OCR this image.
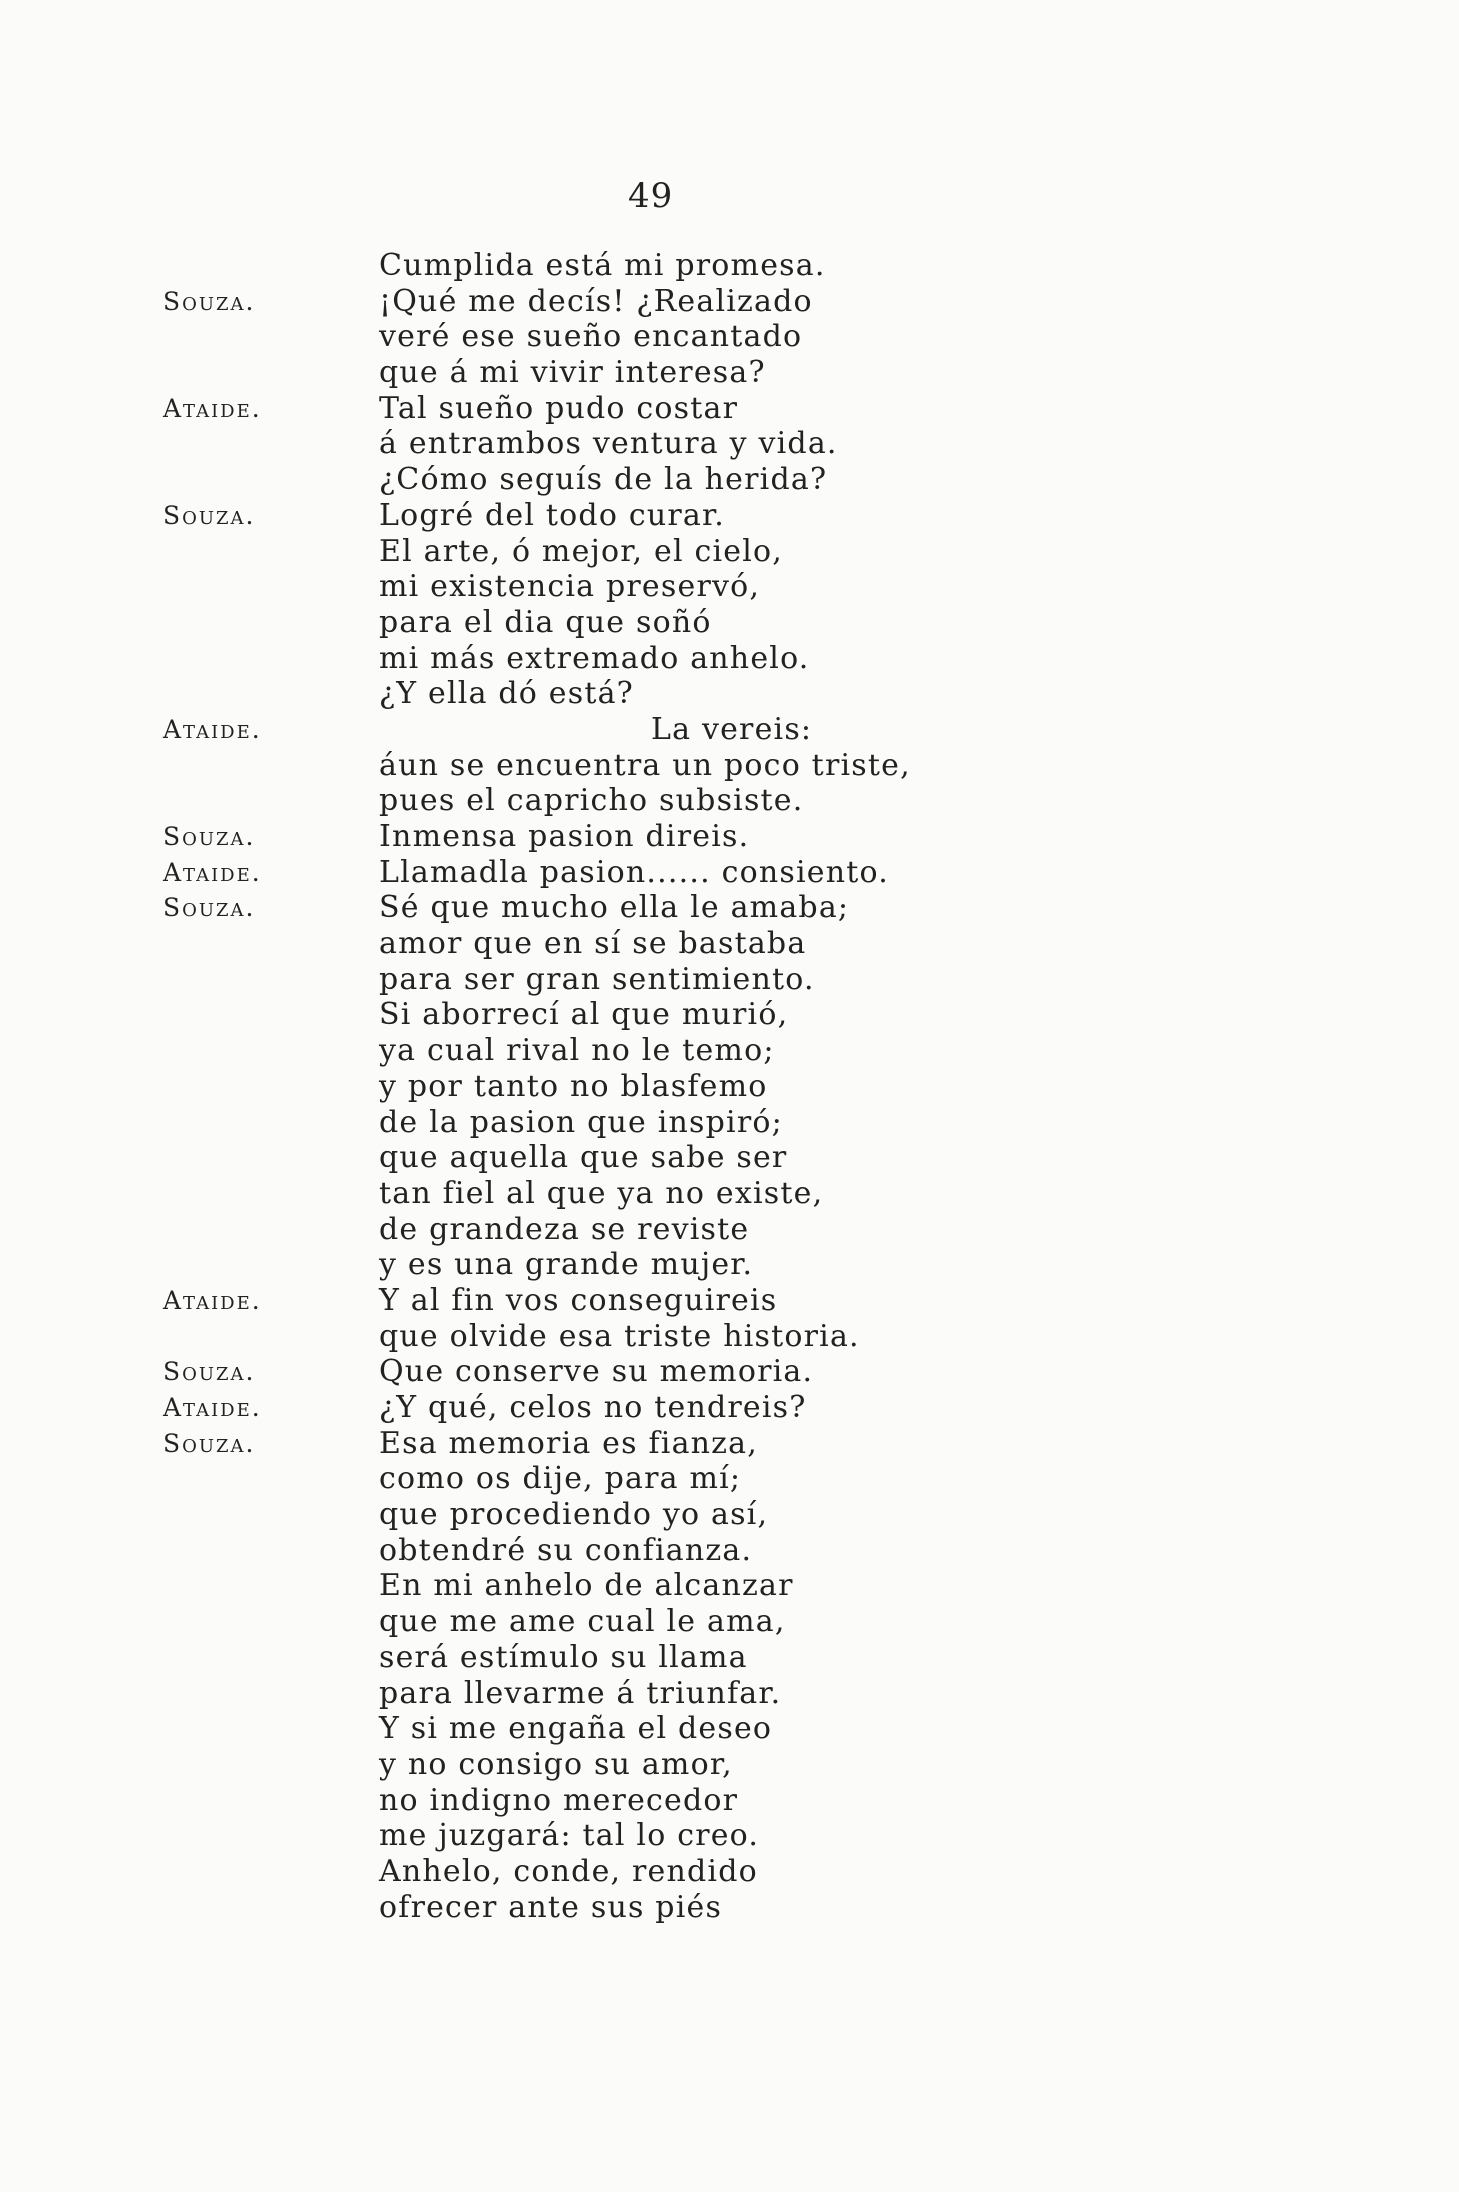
49
Cumplida está mi promesa.
Souza.	¡Qué me decís! ¿Realizado
veré ese sueño encantado
que á mi vivir interesa?
Ataide.	Tal sueño pudo costar
á entrambos ventura y vida.
¿Cómo seguís de la herida?
Souza.	Logré del todo curar.
El arte, ó mejor, el cielo,
mi existencia preservó,
para el dia que soñó
mi más extremado anhelo.
¿Y ella dó está?
Ataide.	La vereis:
áun se encuentra un poco triste,
pues el capricho subsiste.
Souza.	Inmensa pasion direis.
Ataide.	Llamadla pasion...... consiento.
Souza.	Sé que mucho ella le amaba;
amor que en sí se bastaba
para ser gran sentimiento.
Si aborrecí al que murió,
ya cual rival no le temo;
y por tanto no blasfemo
de la pasion que inspiró;
que aquella que sabe ser
tan fiel al que ya no existe,
de grandeza se reviste
y es una grande mujer.
Ataide.	Y al fin vos conseguireis
que olvide esa triste historia.
Souza.	Que conserve su memoria.
Ataide.	¿Y qué, celos no tendreis?
Souza.	Esa memoria es fianza,
como os dije, para mí;
que procediendo yo así,
obtendré su confianza.
En mi anhelo de alcanzar
que me ame cual le ama,
será estímulo su llama
para llevarme á triunfar.
Y si me engaña el deseo
y no consigo su amor,
no indigno merecedor
me juzgará: tal lo creo.
Anhelo, conde, rendido
ofrecer ante sus piés
